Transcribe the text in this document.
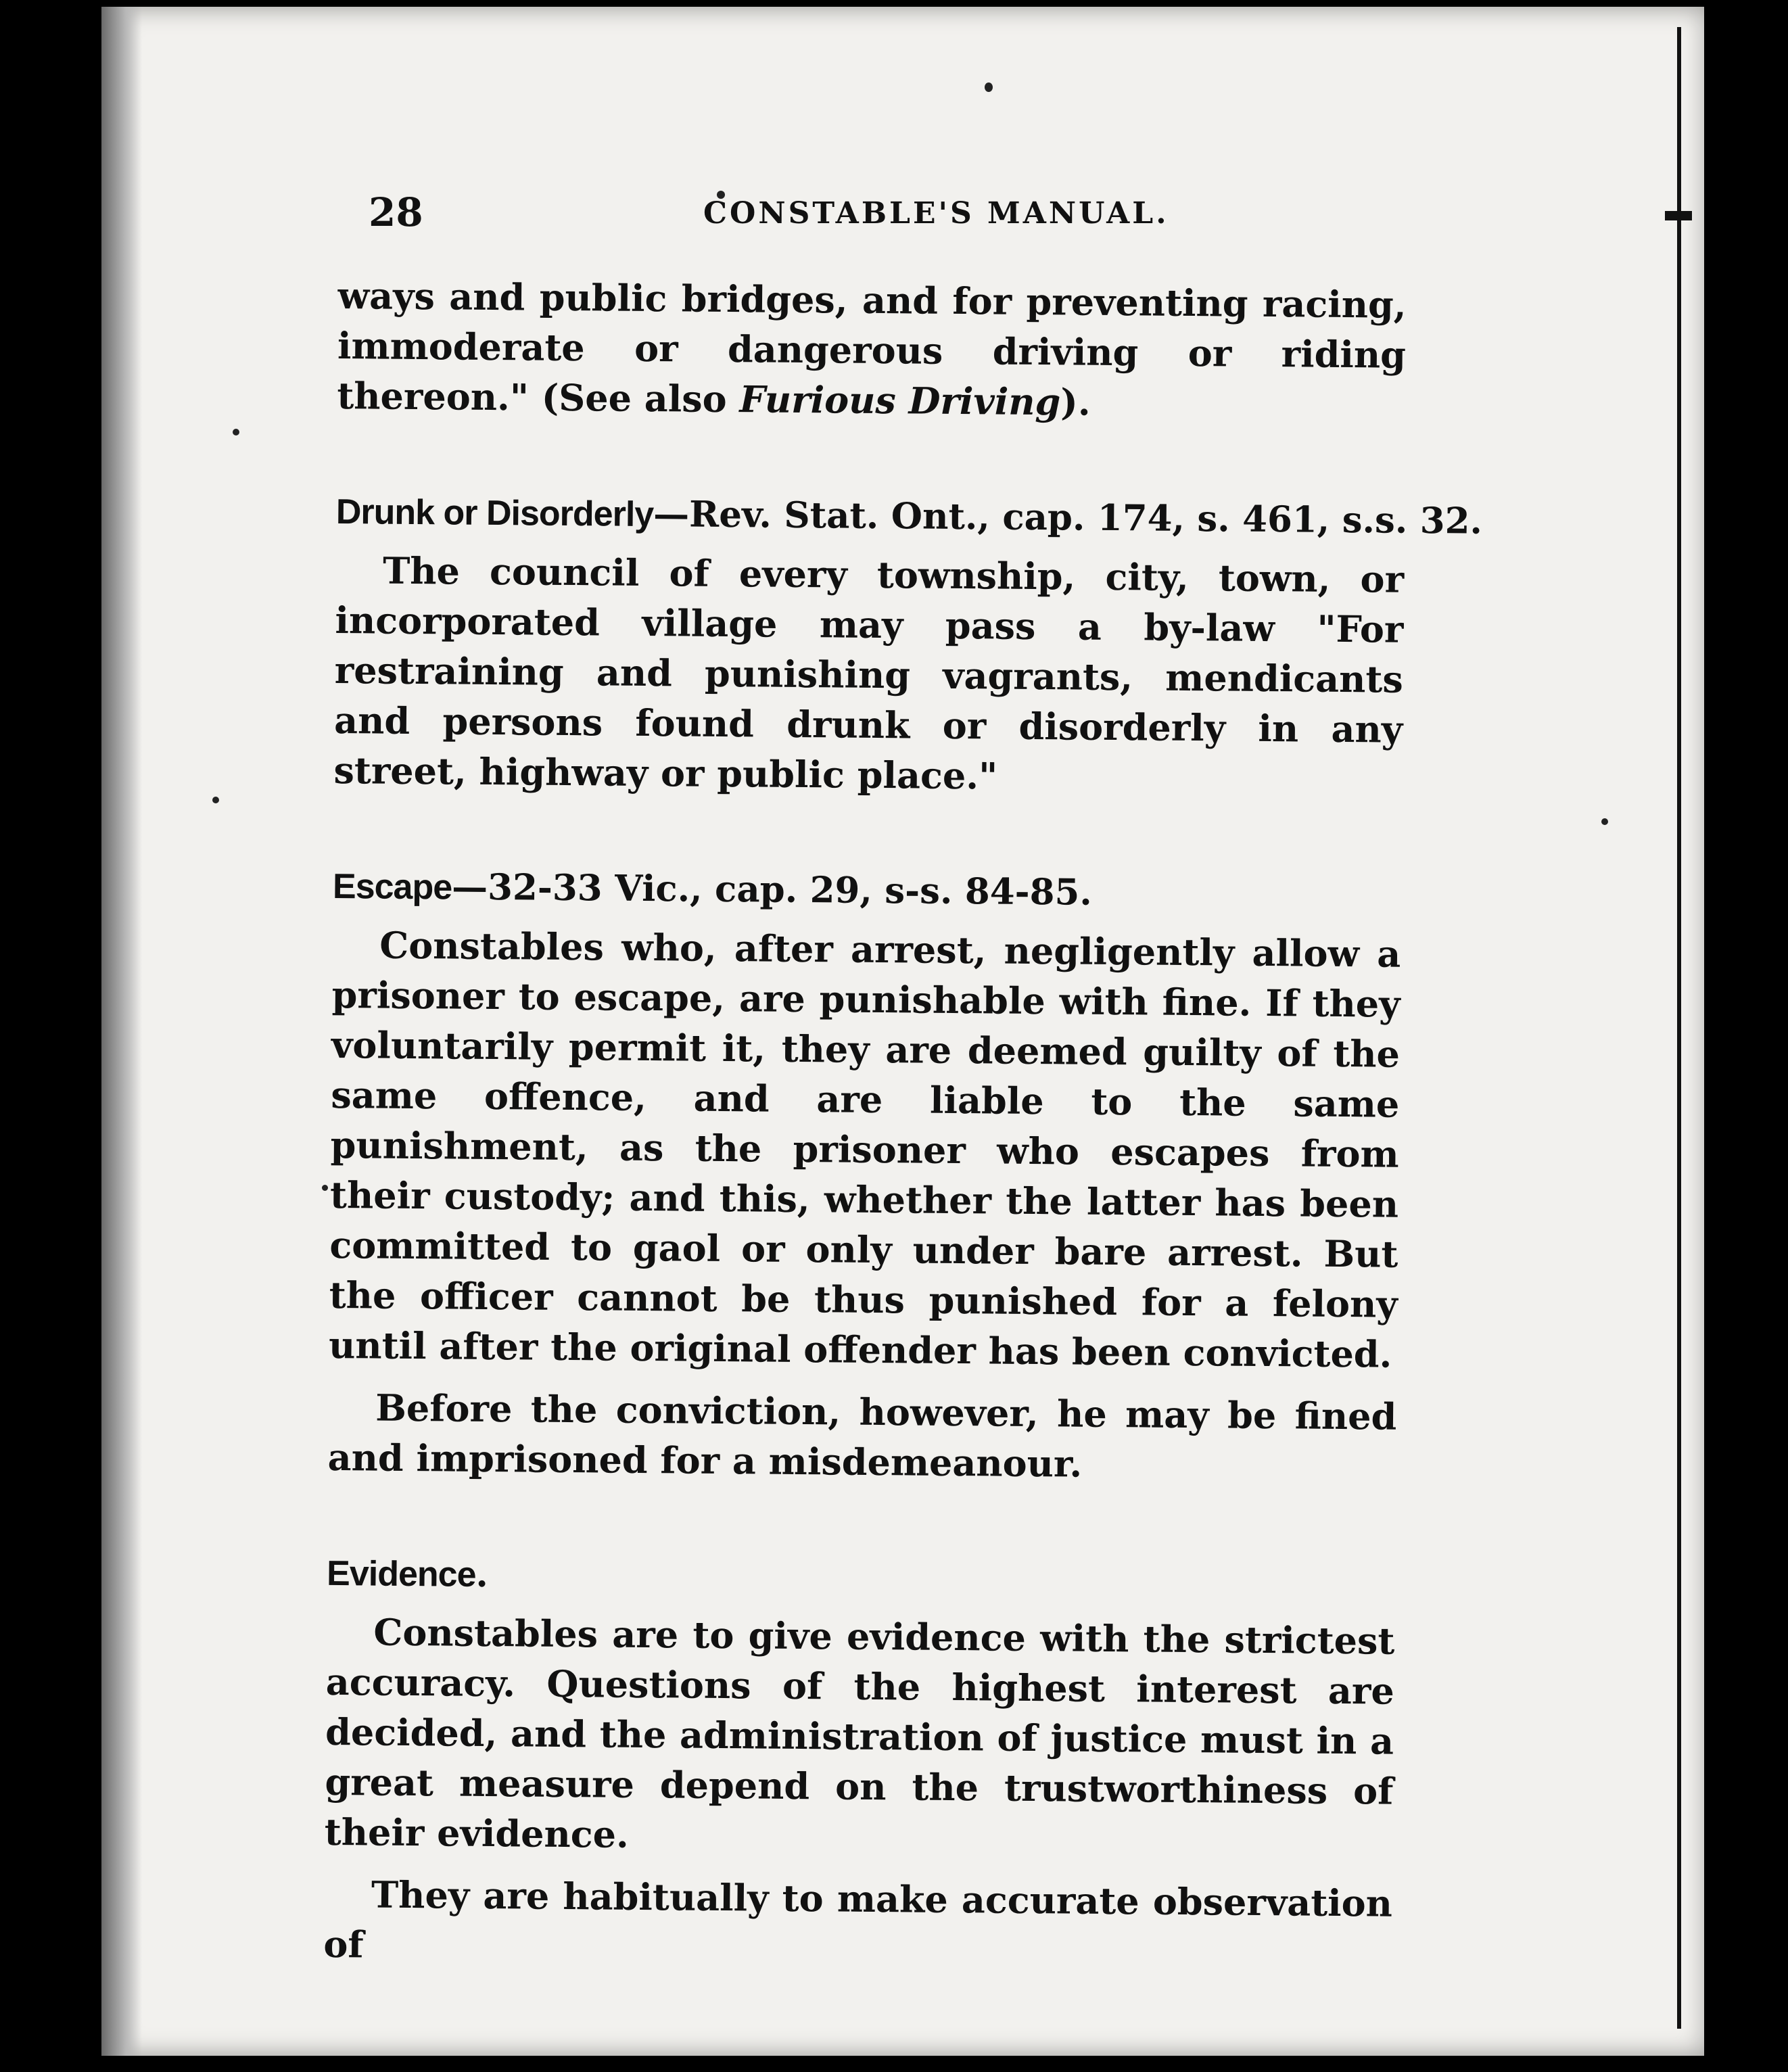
28	CONSTABLE'S MANUAL.

ways and public bridges, and for preventing racing, immoderate or dangerous driving or riding thereon." (See also Furious Driving).

Drunk or Disorderly—Rev. Stat. Ont., cap. 174, s. 461, s.s. 32.

The council of every township, city, town, or incorporated village may pass a by-law "For restraining and punishing vagrants, mendicants and persons found drunk or disorderly in any street, highway or public place."

Escape—32-33 Vic., cap. 29, s-s. 84-85.

Constables who, after arrest, negligently allow a prisoner to escape, are punishable with fine. If they voluntarily permit it, they are deemed guilty of the same offence, and are liable to the same punishment, as the prisoner who escapes from their custody; and this, whether the latter has been committed to gaol or only under bare arrest. But the officer cannot be thus punished for a felony until after the original offender has been convicted.

Before the conviction, however, he may be fined and imprisoned for a misdemeanour.

Evidence.

Constables are to give evidence with the strictest accuracy. Questions of the highest interest are decided, and the administration of justice must in a great measure depend on the trustworthiness of their evidence.

They are habitually to make accurate observation of
